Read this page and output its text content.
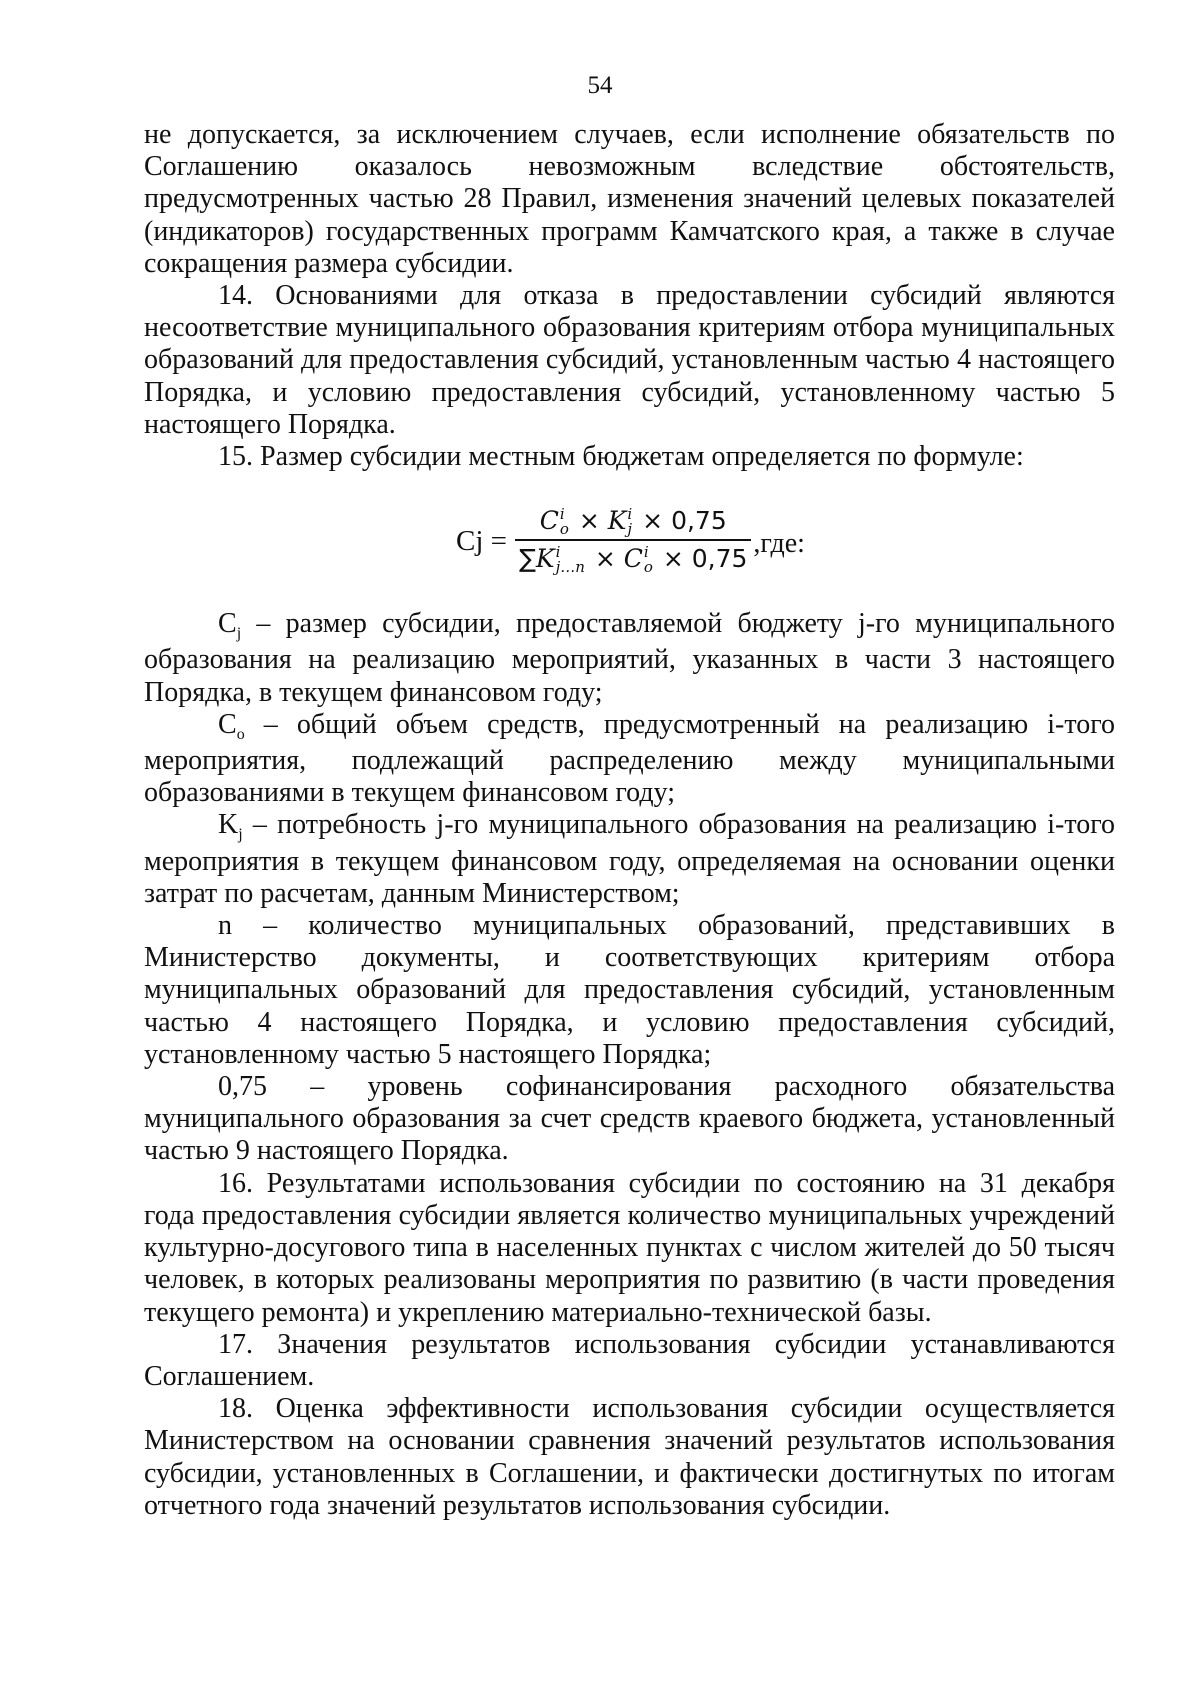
54

не допускается, за исключением случаев, если исполнение обязательств по Соглашению оказалось невозможным вследствие обстоятельств, предусмотренных частью 28 Правил, изменения значений целевых показателей (индикаторов) государственных программ Камчатского края, а также в случае сокращения размера субсидии.

14. Основаниями для отказа в предоставлении субсидий являются несоответствие муниципального образования критериям отбора муниципальных образований для предоставления субсидий, установленным частью 4 настоящего Порядка, и условию предоставления субсидий, установленному частью 5 настоящего Порядка.

15. Размер субсидии местным бюджетам определяется по формуле:

Cj = C i
o × K i
j × 0,75
∑K i
j…n × C i
o × 0,75 ,где:

$C_j$ – размер субсидии, предоставляемой бюджету j-го муниципального образования на реализацию мероприятий, указанных в части 3 настоящего Порядка, в текущем финансовом году;

$C_o$ – общий объем средств, предусмотренный на реализацию i-того мероприятия, подлежащий распределению между муниципальными образованиями в текущем финансовом году;

$K_j$ – потребность j-го муниципального образования на реализацию i-того мероприятия в текущем финансовом году, определяемая на основании оценки затрат по расчетам, данным Министерством;

n – количество муниципальных образований, представивших в Министерство документы, и соответствующих критериям отбора муниципальных образований для предоставления субсидий, установленным частью 4 настоящего Порядка, и условию предоставления субсидий, установленному частью 5 настоящего Порядка;

0,75 – уровень софинансирования расходного обязательства муниципального образования за счет средств краевого бюджета, установленный частью 9 настоящего Порядка.

16. Результатами использования субсидии по состоянию на 31 декабря года предоставления субсидии является количество муниципальных учреждений культурно-досугового типа в населенных пунктах с числом жителей до 50 тысяч человек, в которых реализованы мероприятия по развитию (в части проведения текущего ремонта) и укреплению материально-технической базы.

17. Значения результатов использования субсидии устанавливаются Соглашением.

18. Оценка эффективности использования субсидии осуществляется Министерством на основании сравнения значений результатов использования субсидии, установленных в Соглашении, и фактически достигнутых по итогам отчетного года значений результатов использования субсидии.
